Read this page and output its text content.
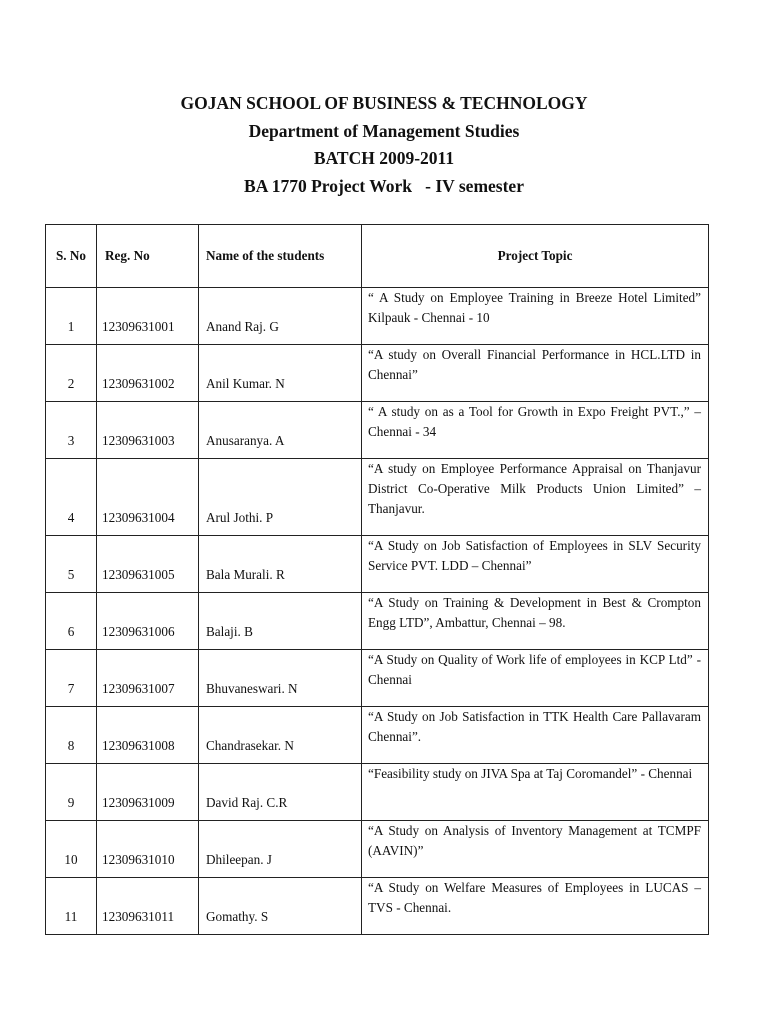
GOJAN SCHOOL OF BUSINESS & TECHNOLOGY
Department of Management Studies
BATCH 2009-2011
BA 1770 Project Work   - IV semester
S. No	Reg. No	Name of the students	Project Topic
1	12309631001	Anand Raj. G	“ A Study on Employee Training in Breeze Hotel Limited” Kilpauk - Chennai - 10
2	12309631002	Anil Kumar. N	“A study on Overall Financial Performance in HCL.LTD in Chennai”
3	12309631003	Anusaranya. A	“ A study on as a Tool for Growth in Expo Freight PVT.,” – Chennai - 34
4	12309631004	Arul Jothi. P	“A study on Employee Performance Appraisal on Thanjavur District Co-Operative Milk Products Union Limited” – Thanjavur.
5	12309631005	Bala Murali. R	“A Study on Job Satisfaction of Employees in SLV Security Service PVT. LDD – Chennai”
6	12309631006	Balaji. B	“A Study on Training & Development in Best & Crompton Engg LTD”, Ambattur, Chennai – 98.
7	12309631007	Bhuvaneswari. N	“A Study on Quality of Work life of employees in KCP Ltd” - Chennai
8	12309631008	Chandrasekar. N	“A Study on Job Satisfaction in TTK Health Care Pallavaram Chennai”.
9	12309631009	David Raj. C.R	“Feasibility study on JIVA Spa at Taj Coromandel” - Chennai
10	12309631010	Dhileepan. J	“A Study on Analysis of Inventory Management at TCMPF (AAVIN)”
11	12309631011	Gomathy. S	“A Study on Welfare Measures of Employees in LUCAS – TVS - Chennai.
